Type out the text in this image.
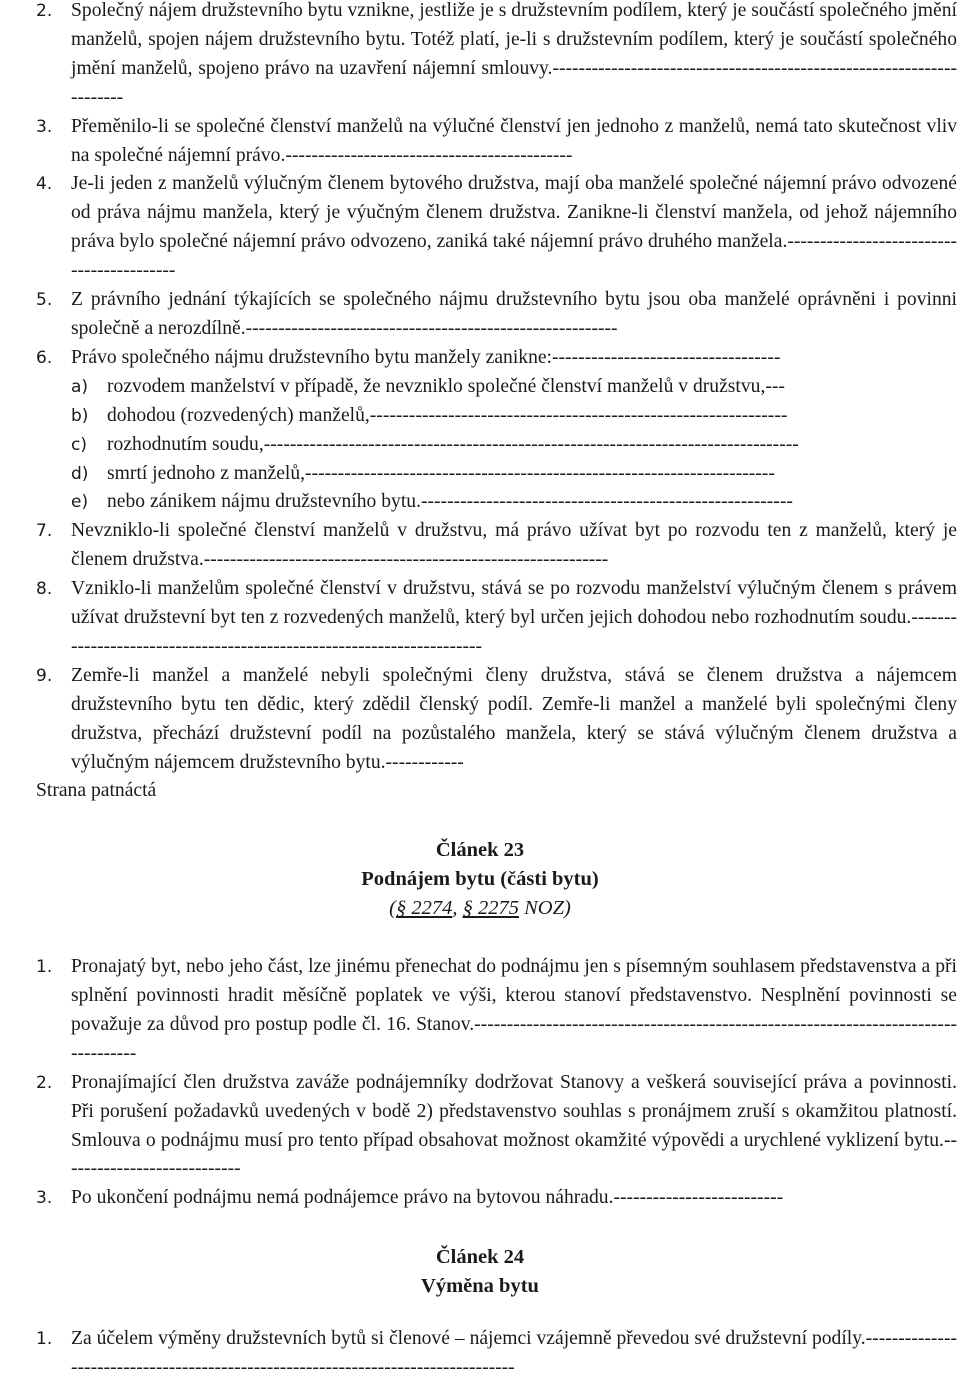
2. Společný nájem družstevního bytu vznikne, jestliže je s družstevním podílem, který je součástí společného jmění manželů, spojen nájem družstevního bytu. Totéž platí, je-li s družstevním podílem, který je součástí společného jmění manželů, spojeno právo na uzavření nájemní smlouvy.----------------------------------------------------------------------
3. Přeměnilo-li se společné členství manželů na výlučné členství jen jednoho z manželů, nemá tato skutečnost vliv na společné nájemní právo.--------------------------------------------
4. Je-li jeden z manželů výlučným členem bytového družstva, mají oba manželé společné nájemní právo odvozené od práva nájmu manžela, který je výučným členem družstva. Zanikne-li členství manžela, od jehož nájemního práva bylo společné nájemní právo odvozeno, zaniká také nájemní právo druhého manžela.------------------------------------------
5. Z právního jednání týkajících se společného nájmu družstevního bytu jsou oba manželé oprávněni i povinni společně a nerozdílně.---------------------------------------------------------
6. Právo společného nájmu družstevního bytu manžely zanikne:-----------------------------------
a) rozvodem manželství v případě, že nevzniklo společné členství manželů v družstvu,---
b) dohodou (rozvedených) manželů,----------------------------------------------------------------
c) rozhodnutím soudu,----------------------------------------------------------------------------------
d) smrtí jednoho z manželů,------------------------------------------------------------------------
e) nebo zánikem nájmu družstevního bytu.---------------------------------------------------------
7. Nevzniklo-li společné členství manželů v družstvu, má právo užívat byt po rozvodu ten z manželů, který je členem družstva.--------------------------------------------------------------
8. Vzniklo-li manželům společné členství v družstvu, stává se po rozvodu manželství výlučným členem s právem užívat družstevní byt ten z rozvedených manželů, který byl určen jejich dohodou nebo rozhodnutím soudu.----------------------------------------------------------------------
9. Zemře-li manžel a manželé nebyli společnými členy družstva, stává se členem družstva a nájemcem družstevního bytu ten dědic, který zdědil členský podíl. Zemře-li manžel a manželé byli společnými členy družstva, přechází družstevní podíl na pozůstalého manžela, který se stává výlučným členem družstva a výlučným nájemcem družstevního bytu.------------

Strana patnáctá

Článek 23

Podnájem bytu (části bytu)

(§ 2274, § 2275 NOZ)

1. Pronajatý byt, nebo jeho část, lze jinému přenechat do podnájmu jen s písemným souhlasem představenstva a při splnění povinnosti hradit měsíčně poplatek ve výši, kterou stanoví představenstvo. Nesplnění povinnosti se považuje za důvod pro postup podle čl. 16. Stanov.------------------------------------------------------------------------------------
2. Pronajímající člen družstva zaváže podnájemníky dodržovat Stanovy a veškerá související práva a povinnosti. Při porušení požadavků uvedených v bodě 2) představenstvo souhlas s pronájmem zruší s okamžitou platností. Smlouva o podnájmu musí pro tento případ obsahovat možnost okamžité výpovědi a urychlené vyklizení bytu.----------------------------
3. Po ukončení podnájmu nemá podnájemce právo na bytovou náhradu.--------------------------

Článek 24

Výměna bytu

1. Za účelem výměny družstevních bytů si členové – nájemci vzájemně převedou své družstevní podíly.----------------------------------------------------------------------------------
